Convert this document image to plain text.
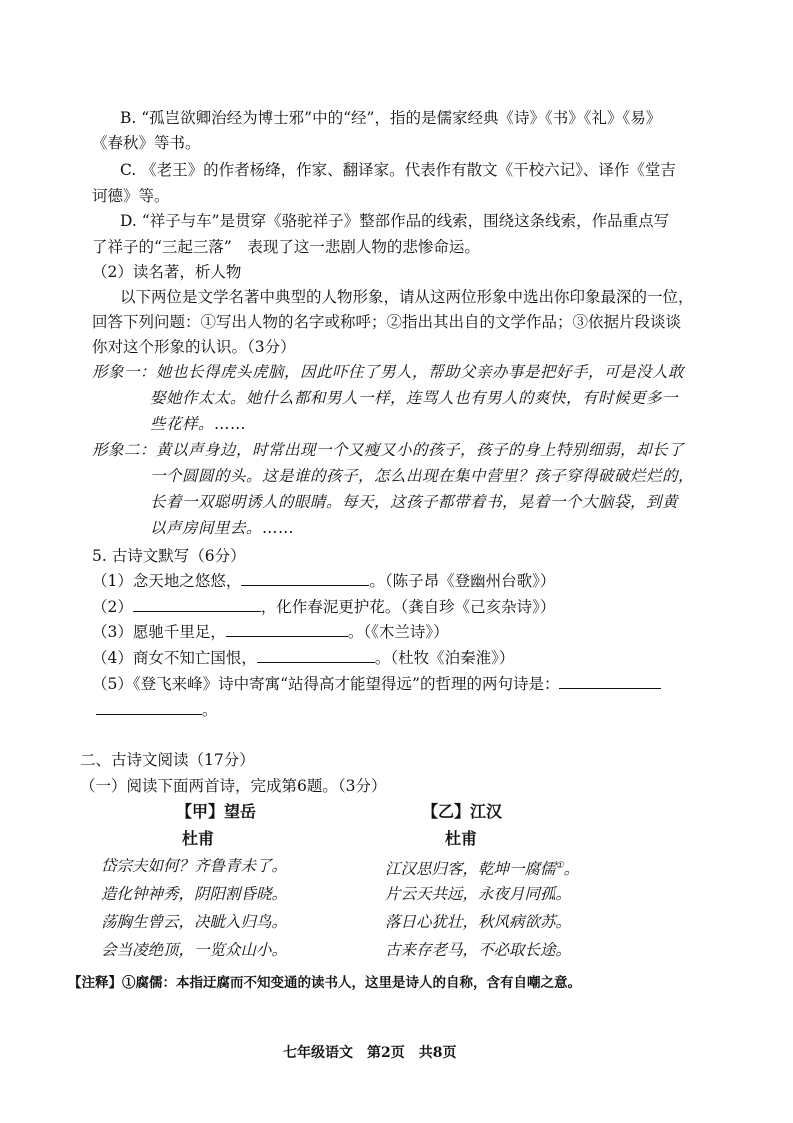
B. “孤岂欲卿治经为博士邪”中的“经”，指的是儒家经典《诗》《书》《礼》《易》
《春秋》等书。
C. 《老王》的作者杨绛，作家、翻译家。代表作有散文《干校六记》、译作《堂吉
诃德》等。
D. “祥子与车”是贯穿《骆驼祥子》整部作品的线索，围绕这条线索，作品重点写
了祥子的“三起三落”　表现了这一悲剧人物的悲惨命运。
（2）读名著，析人物
以下两位是文学名著中典型的人物形象，请从这两位形象中选出你印象最深的一位，
回答下列问题：①写出人物的名字或称呼；②指出其出自的文学作品；③依据片段谈谈
你对这个形象的认识。（3分）
形象一：她也长得虎头虎脑，因此吓住了男人，帮助父亲办事是把好手，可是没人敢
娶她作太太。她什么都和男人一样，连骂人也有男人的爽快，有时候更多一
些花样。……
形象二：黄以声身边，时常出现一个又瘦又小的孩子，孩子的身上特别细弱，却长了
一个圆圆的头。这是谁的孩子，怎么出现在集中营里？孩子穿得破破烂烂的，
长着一双聪明诱人的眼睛。每天，这孩子都带着书，晃着一个大脑袋，到黄
以声房间里去。……
5. 古诗文默写（6分）
（1）念天地之悠悠，	。（陈子昂《登幽州台歌》）
（2）	，化作春泥更护花。（龚自珍《己亥杂诗》）
（3）愿驰千里足，	。（《木兰诗》）
（4）商女不知亡国恨，	。（杜牧《泊秦淮》）
（5）《登飞来峰》诗中寄寓“站得高才能望得远”的哲理的两句诗是：
。
二、古诗文阅读（17分）
（一）阅读下面两首诗，完成第6题。（3分）
【甲】望岳
杜甫
岱宗夫如何？齐鲁青未了。
造化钟神秀，阴阳割昏晓。
荡胸生曾云，决眦入归鸟。
会当凌绝顶，一览众山小。
【乙】江汉
杜甫
江汉思归客，乾坤一腐儒①。
片云天共远，永夜月同孤。
落日心犹壮，秋风病欲苏。
古来存老马，不必取长途。
【注释】①腐儒：本指迂腐而不知变通的读书人，这里是诗人的自称，含有自嘲之意。
七年级语文　第2页　共8页
